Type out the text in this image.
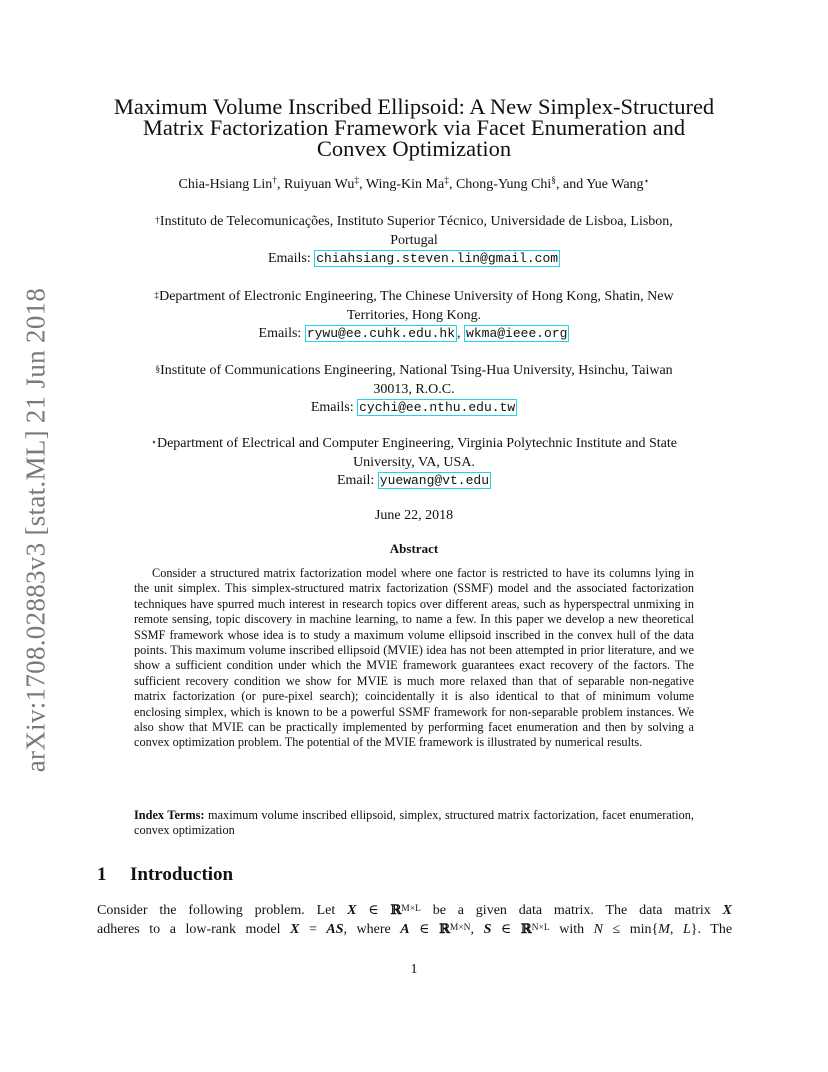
arXiv:1708.02883v3 [stat.ML] 21 Jun 2018
Maximum Volume Inscribed Ellipsoid: A New Simplex-Structured
Matrix Factorization Framework via Facet Enumeration and
Convex Optimization
Chia-Hsiang Lin†, Ruiyuan Wu‡, Wing-Kin Ma‡, Chong-Yung Chi§, and Yue Wang⋆
†Instituto de Telecomunicações, Instituto Superior Técnico, Universidade de Lisboa, Lisbon,
Portugal
Emails: chiahsiang.steven.lin@gmail.com
‡Department of Electronic Engineering, The Chinese University of Hong Kong, Shatin, New
Territories, Hong Kong.
Emails: rywu@ee.cuhk.edu.hk , wkma@ieee.org
§Institute of Communications Engineering, National Tsing-Hua University, Hsinchu, Taiwan
30013, R.O.C.
Emails: cychi@ee.nthu.edu.tw
⋆Department of Electrical and Computer Engineering, Virginia Polytechnic Institute and State
University, VA, USA.
Email: yuewang@vt.edu
June 22, 2018
Abstract

Consider a structured matrix factorization model where one factor is restricted to have its columns lying in the unit simplex. This simplex-structured matrix factorization (SSMF) model and the associated factorization techniques have spurred much interest in research topics over different areas, such as hyperspectral unmixing in remote sensing, topic discovery in machine learning, to name a few. In this paper we develop a new theoretical SSMF framework whose idea is to study a maximum volume ellipsoid inscribed in the convex hull of the data points. This maximum volume inscribed ellipsoid (MVIE) idea has not been attempted in prior literature, and we show a sufficient condition under which the MVIE framework guarantees exact recovery of the factors. The sufficient recovery condition we show for MVIE is much more relaxed than that of separable non-negative matrix factorization (or pure-pixel search); coincidentally it is also identical to that of minimum volume enclosing simplex, which is known to be a powerful SSMF framework for non-separable problem instances. We also show that MVIE can be practically implemented by performing facet enumeration and then by solving a convex optimization problem. The potential of the MVIE framework is illustrated by numerical results.

Index Terms: maximum volume inscribed ellipsoid, simplex, structured matrix factorization, facet enumeration, convex optimization

1 Introduction

Consider the following problem. Let X ∈ ℝ$^{M\times L}$ be a given data matrix. The data matrix X
adheres to a low-rank model X = AS, where A ∈ ℝ$^{M\times N}$, S ∈ ℝ$^{N\times L}$ with N ≤ min{M, L}. The

1
